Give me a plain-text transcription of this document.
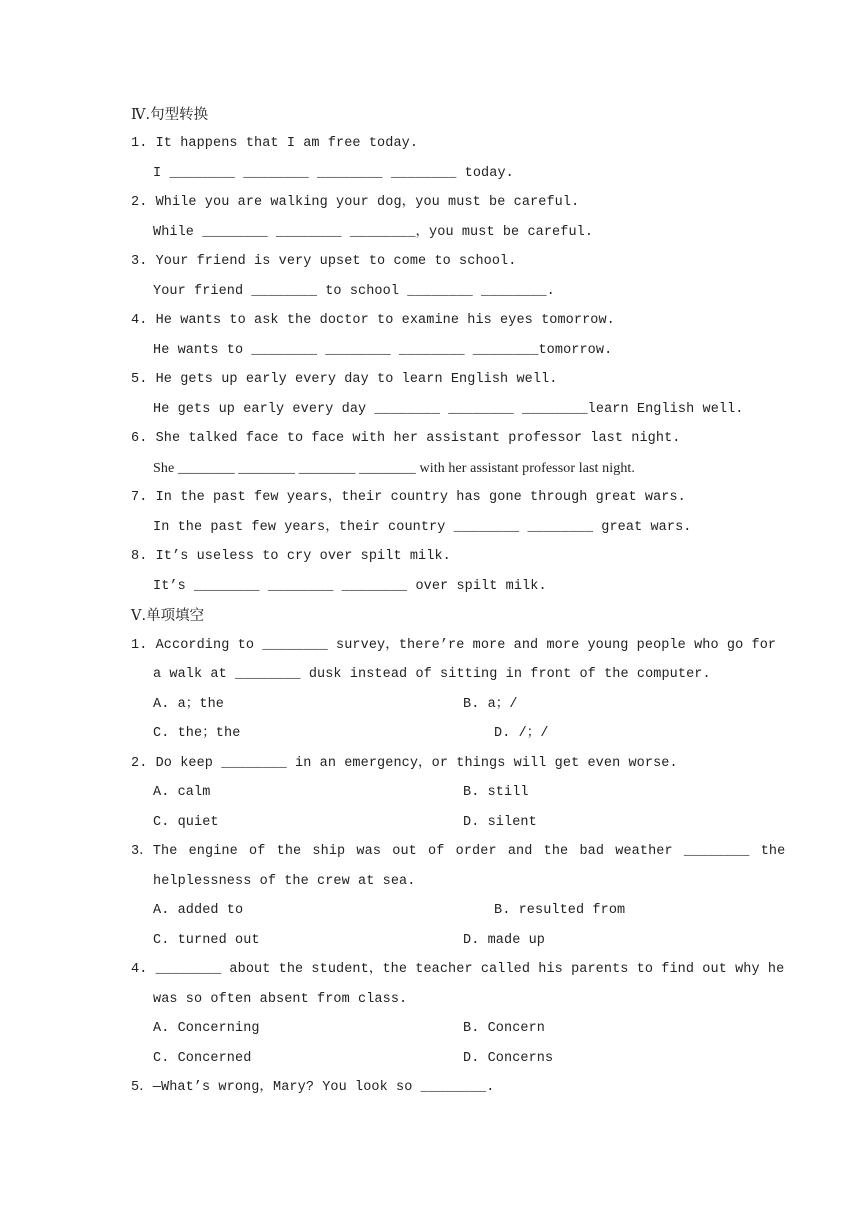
Ⅳ.句型转换
1. It happens that I am free today.
I ________ ________ ________ ________ today.
2. While you are walking your dog，you must be careful.
While ________ ________ ________，you must be careful.
3. Your friend is very upset to come to school.
Your friend ________ to school ________ ________.
4. He wants to ask the doctor to examine his eyes tomorrow.
He wants to ________ ________ ________ ________tomorrow.
5. He gets up early every day to learn English well.
He gets up early every day ________ ________ ________learn English well.
6. She talked face to face with her assistant professor last night.
She ________ ________ ________ ________ with her assistant professor last night.
7. In the past few years，their country has gone through great wars.
In the past few years，their country ________ ________ great wars.
8. It’s useless to cry over spilt milk.
It’s ________ ________ ________ over spilt milk.
Ⅴ.单项填空
1. According to ________ survey，there’re more and more young people who go for
a walk at ________ dusk instead of sitting in front of the computer.
A. a；the	B. a；/
C. the；the	D. /；/
2. Do keep ________ in an emergency，or things will get even worse.
A. calm	B. still
C. quiet	D. silent
3．The engine of the ship was out of order and the bad weather ________ the
helplessness of the crew at sea.
A. added to	B. resulted from
C. turned out	D. made up
4. ________ about the student，the teacher called his parents to find out why he
was so often absent from class.
A. Concerning	B. Concern
C. Concerned	D. Concerns
5．—What’s wrong，Mary? You look so ________.
